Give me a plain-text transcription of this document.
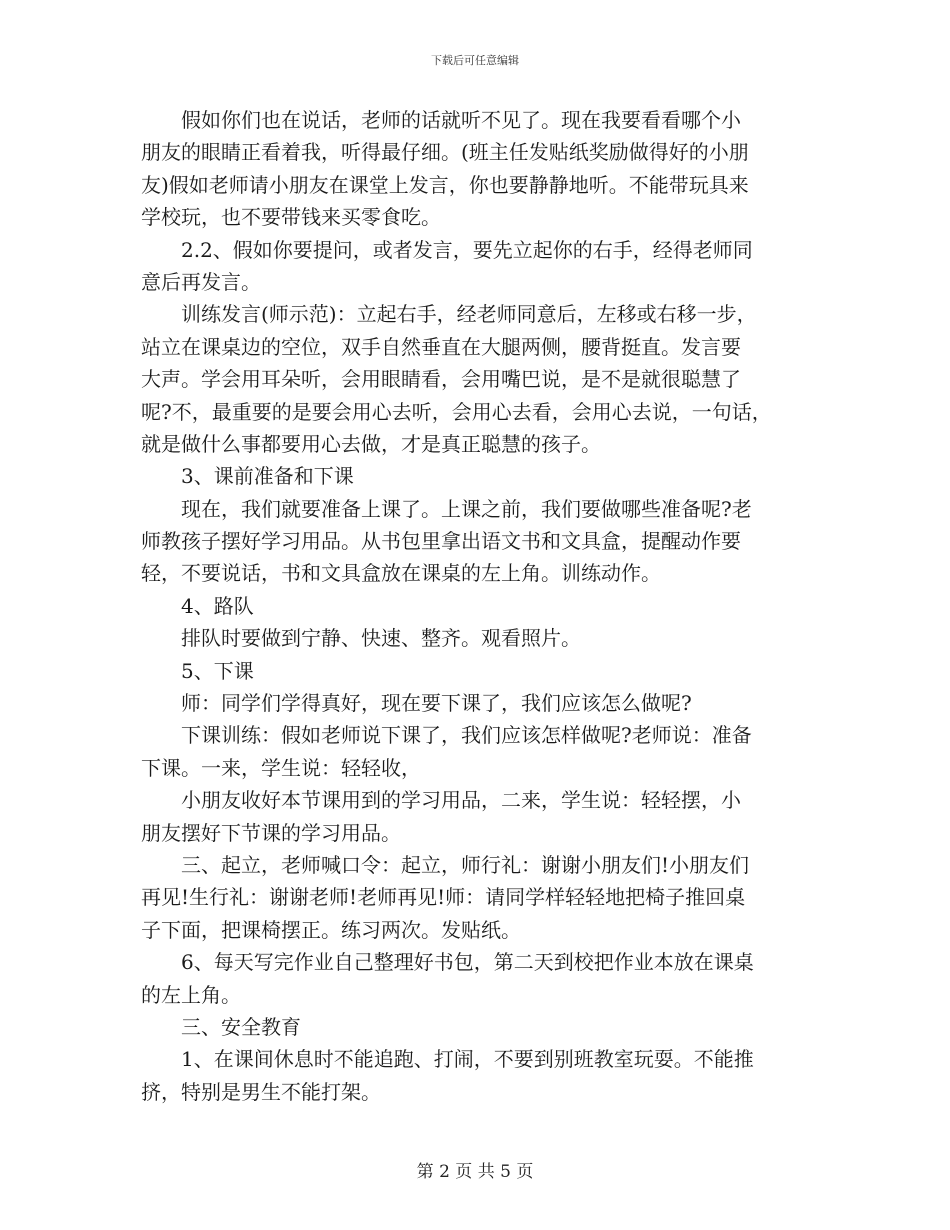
下载后可任意编辑
　　假如你们也在说话，老师的话就听不见了。现在我要看看哪个小
朋友的眼睛正看着我，听得最仔细。(班主任发贴纸奖励做得好的小朋
友)假如老师请小朋友在课堂上发言，你也要静静地听。不能带玩具来
学校玩，也不要带钱来买零食吃。
　　2.2、假如你要提问，或者发言，要先立起你的右手，经得老师同
意后再发言。
　　训练发言(师示范)：立起右手，经老师同意后，左移或右移一步，
站立在课桌边的空位，双手自然垂直在大腿两侧，腰背挺直。发言要
大声。学会用耳朵听，会用眼睛看，会用嘴巴说，是不是就很聪慧了
呢?不，最重要的是要会用心去听，会用心去看，会用心去说，一句话，
就是做什么事都要用心去做，才是真正聪慧的孩子。
　　3、课前准备和下课
　　现在，我们就要准备上课了。上课之前，我们要做哪些准备呢?老
师教孩子摆好学习用品。从书包里拿出语文书和文具盒，提醒动作要
轻，不要说话，书和文具盒放在课桌的左上角。训练动作。
　　4、路队
　　排队时要做到宁静、快速、整齐。观看照片。
　　5、下课
　　师：同学们学得真好，现在要下课了，我们应该怎么做呢?
　　下课训练：假如老师说下课了，我们应该怎样做呢?老师说：准备
下课。一来，学生说：轻轻收，
　　小朋友收好本节课用到的学习用品，二来，学生说：轻轻摆，小
朋友摆好下节课的学习用品。
　　三、起立，老师喊口令：起立，师行礼：谢谢小朋友们!小朋友们
再见!生行礼：谢谢老师!老师再见!师：请同学样轻轻地把椅子推回桌
子下面，把课椅摆正。练习两次。发贴纸。
　　6、每天写完作业自己整理好书包，第二天到校把作业本放在课桌
的左上角。
　　三、安全教育
　　1、在课间休息时不能追跑、打闹，不要到别班教室玩耍。不能推
挤，特别是男生不能打架。
第 2 页 共 5 页
